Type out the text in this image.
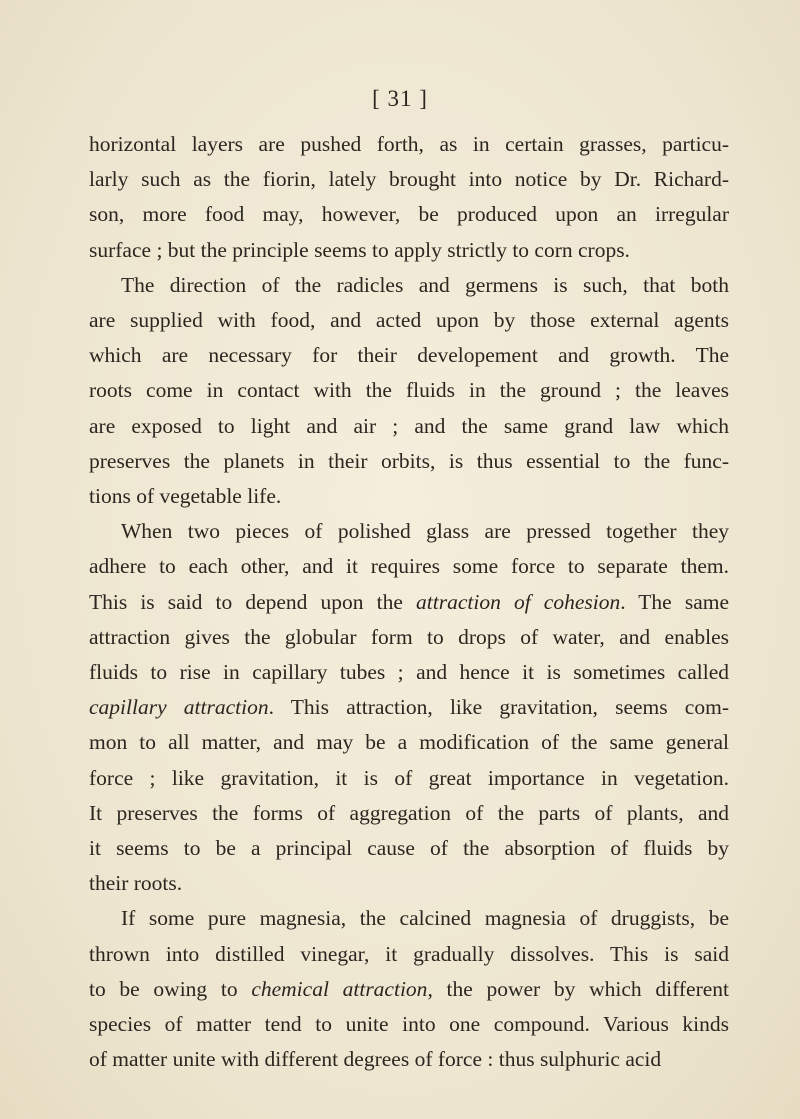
[ 31 ]
horizontal layers are pushed forth, as in certain grasses, particu-
larly such as the fiorin, lately brought into notice by Dr. Richard-
son, more food may, however, be produced upon an irregular
surface ; but the principle seems to apply strictly to corn crops.
The direction of the radicles and germens is such, that both
are supplied with food, and acted upon by those external agents
which are necessary for their developement and growth. The
roots come in contact with the fluids in the ground ; the leaves
are exposed to light and air ; and the same grand law which
preserves the planets in their orbits, is thus essential to the func-
tions of vegetable life.
When two pieces of polished glass are pressed together they
adhere to each other, and it requires some force to separate them.
This is said to depend upon the attraction of cohesion. The same
attraction gives the globular form to drops of water, and enables
fluids to rise in capillary tubes ; and hence it is sometimes called
capillary attraction. This attraction, like gravitation, seems com-
mon to all matter, and may be a modification of the same general
force ; like gravitation, it is of great importance in vegetation.
It preserves the forms of aggregation of the parts of plants, and
it seems to be a principal cause of the absorption of fluids by
their roots.
If some pure magnesia, the calcined magnesia of druggists, be
thrown into distilled vinegar, it gradually dissolves. This is said
to be owing to chemical attraction, the power by which different
species of matter tend to unite into one compound. Various kinds
of matter unite with different degrees of force : thus sulphuric acid
